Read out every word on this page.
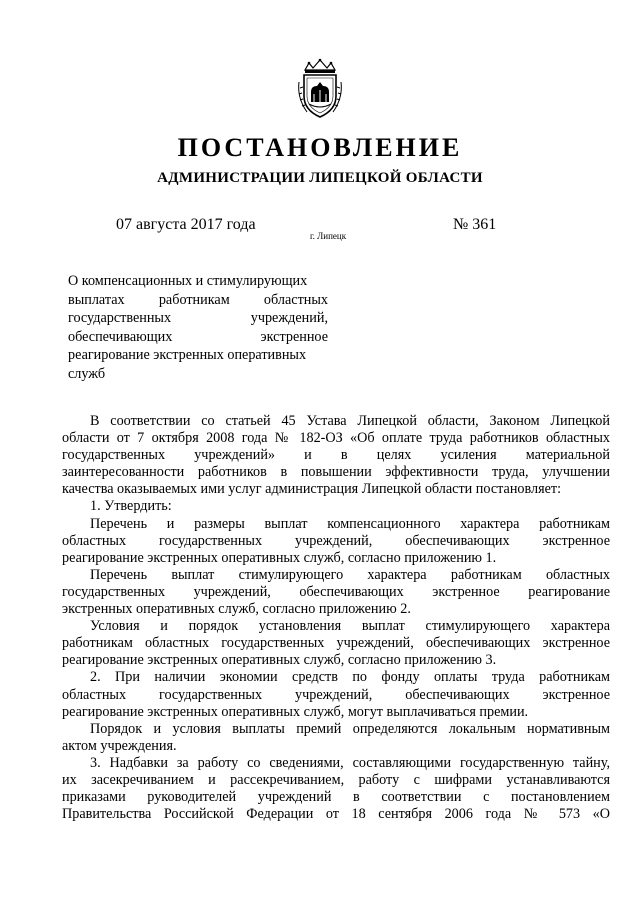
ПОСТАНОВЛЕНИЕ
АДМИНИСТРАЦИИ ЛИПЕЦКОЙ ОБЛАСТИ
07 августа 2017 года
г. Липецк
№ 361
О компенсационных и стимулирующих
выплатах работникам областных
государственных учреждений,
обеспечивающих экстренное
реагирование экстренных оперативных
служб
В соответствии со статьей 45 Устава Липецкой области, Законом Липецкой
области от 7 октября 2008 года № 182-ОЗ «Об оплате труда работников областных
государственных учреждений» и в целях усиления материальной
заинтересованности работников в повышении эффективности труда, улучшении
качества оказываемых ими услуг администрация Липецкой области постановляет:
1. Утвердить:
Перечень и размеры выплат компенсационного характера работникам
областных государственных учреждений, обеспечивающих экстренное
реагирование экстренных оперативных служб, согласно приложению 1.
Перечень выплат стимулирующего характера работникам областных
государственных учреждений, обеспечивающих экстренное реагирование
экстренных оперативных служб, согласно приложению 2.
Условия и порядок установления выплат стимулирующего характера
работникам областных государственных учреждений, обеспечивающих экстренное
реагирование экстренных оперативных служб, согласно приложению 3.
2. При наличии экономии средств по фонду оплаты труда работникам
областных государственных учреждений, обеспечивающих экстренное
реагирование экстренных оперативных служб, могут выплачиваться премии.
Порядок и условия выплаты премий определяются локальным нормативным
актом учреждения.
3. Надбавки за работу со сведениями, составляющими государственную тайну,
их засекречиванием и рассекречиванием, работу с шифрами устанавливаются
приказами руководителей учреждений в соответствии с постановлением
Правительства Российской Федерации от 18 сентября 2006 года № 573 «О
